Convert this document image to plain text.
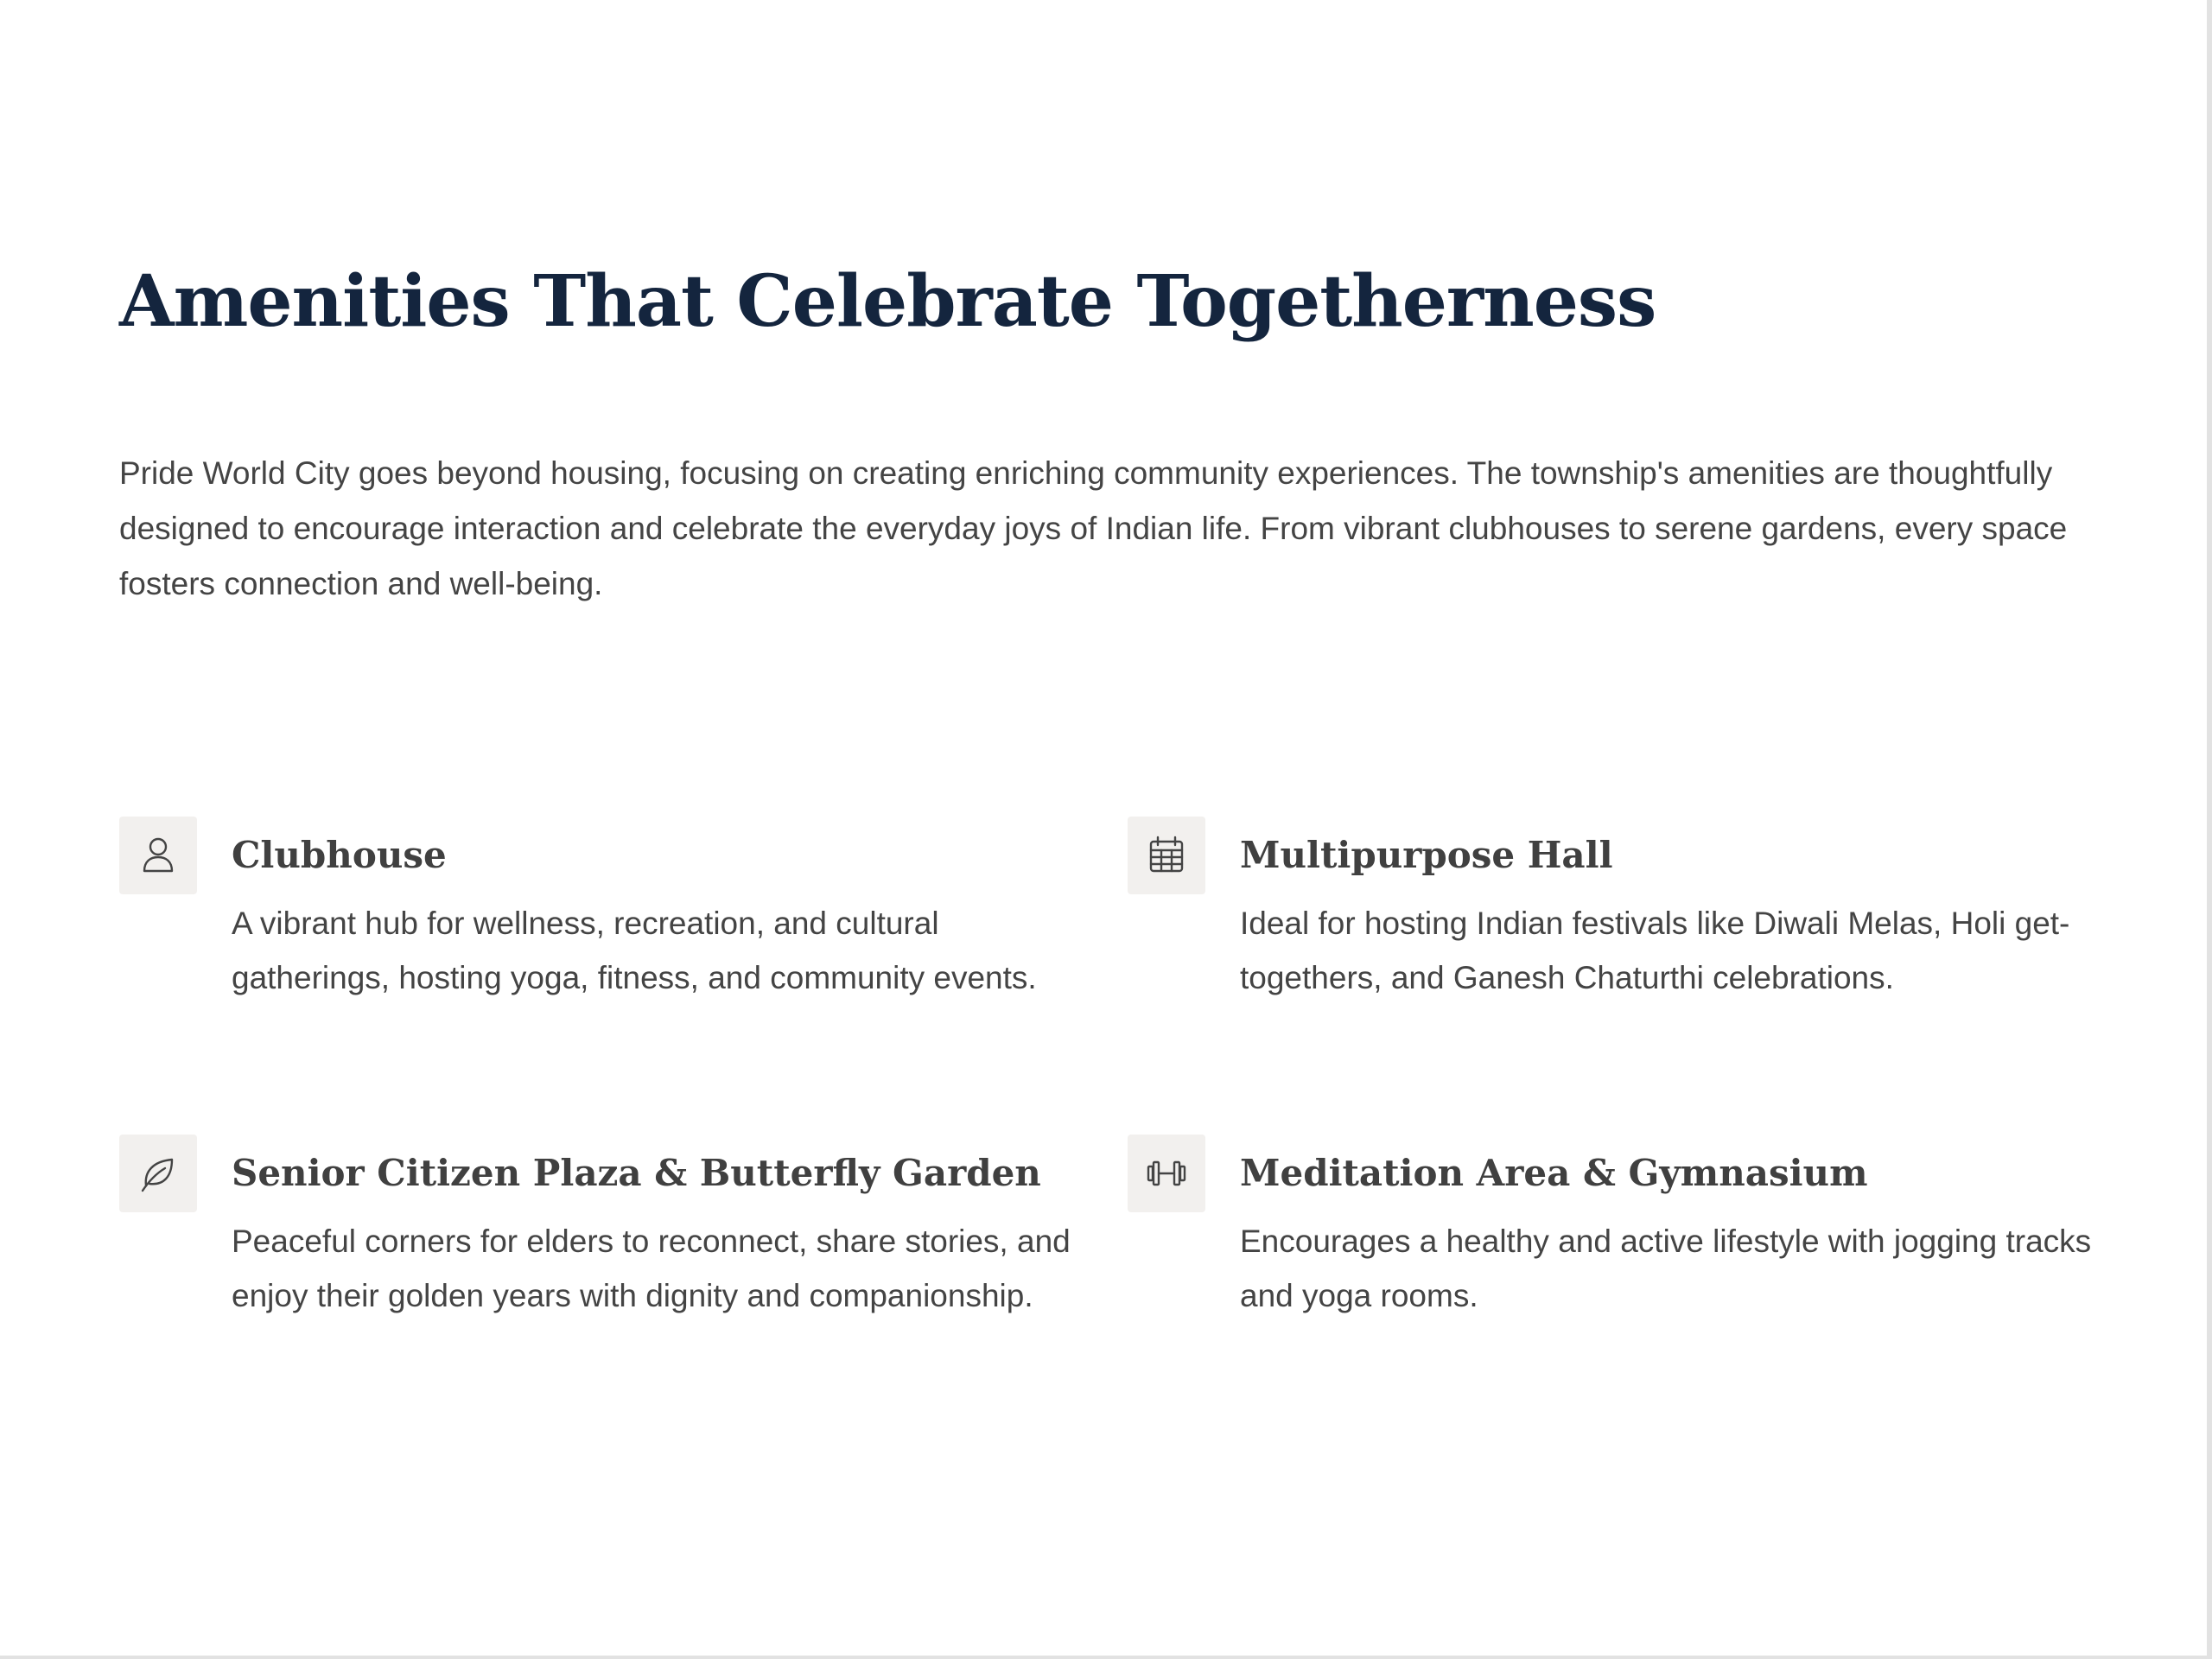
Amenities That Celebrate Togetherness

Pride World City goes beyond housing, focusing on creating enriching community experiences. The township's amenities are thoughtfully designed to encourage interaction and celebrate the everyday joys of Indian life. From vibrant clubhouses to serene gardens, every space fosters connection and well-being.

Clubhouse

A vibrant hub for wellness, recreation, and cultural gatherings, hosting yoga, fitness, and community events.

Multipurpose Hall

Ideal for hosting Indian festivals like Diwali Melas, Holi get-togethers, and Ganesh Chaturthi celebrations.

Senior Citizen Plaza & Butterfly Garden

Peaceful corners for elders to reconnect, share stories, and enjoy their golden years with dignity and companionship.

Meditation Area & Gymnasium

Encourages a healthy and active lifestyle with jogging tracks and yoga rooms.
